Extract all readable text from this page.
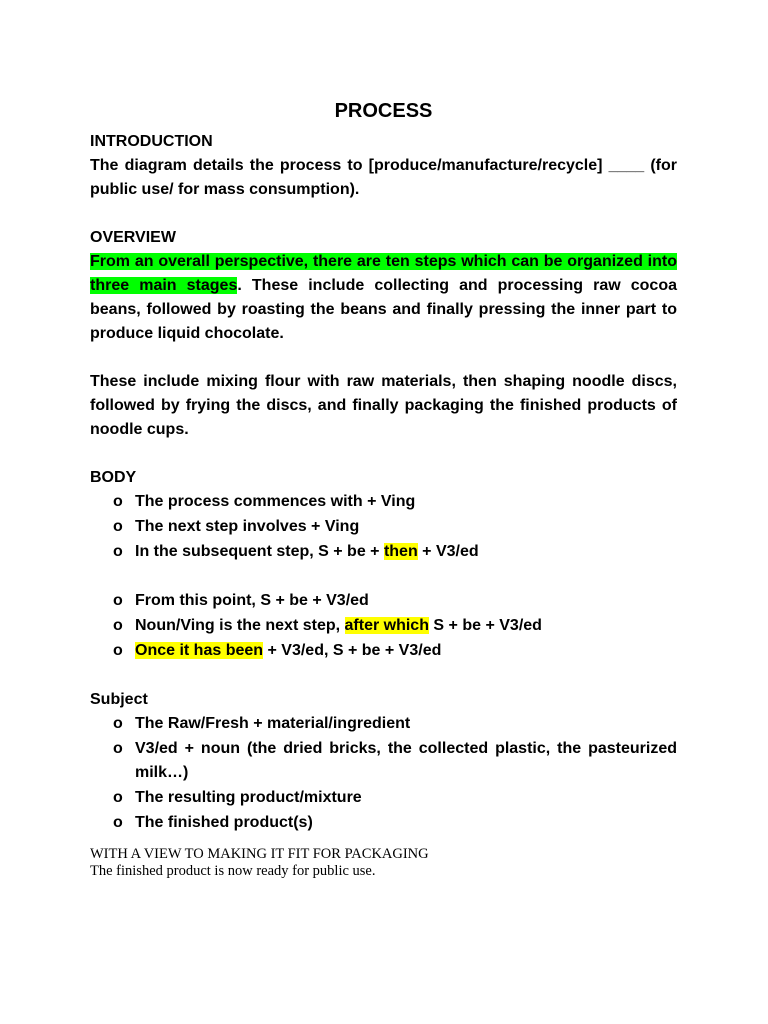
PROCESS
INTRODUCTION
The diagram details the process to [produce/manufacture/recycle] ____ (for public use/ for mass consumption).
OVERVIEW
From an overall perspective, there are ten steps which can be organized into three main stages. These include collecting and processing raw cocoa beans, followed by roasting the beans and finally pressing the inner part to produce liquid chocolate.
These include mixing flour with raw materials, then shaping noodle discs, followed by frying the discs, and finally packaging the finished products of noodle cups.
BODY
o The process commences with + Ving
o The next step involves + Ving
o In the subsequent step, S + be + then + V3/ed
o From this point, S + be + V3/ed
o Noun/Ving is the next step, after which S + be + V3/ed
o Once it has been + V3/ed, S + be + V3/ed
Subject
o The Raw/Fresh + material/ingredient
o V3/ed + noun (the dried bricks, the collected plastic, the pasteurized milk…)
o The resulting product/mixture
o The finished product(s)
WITH A VIEW TO MAKING IT FIT FOR PACKAGING
The finished product is now ready for public use.
